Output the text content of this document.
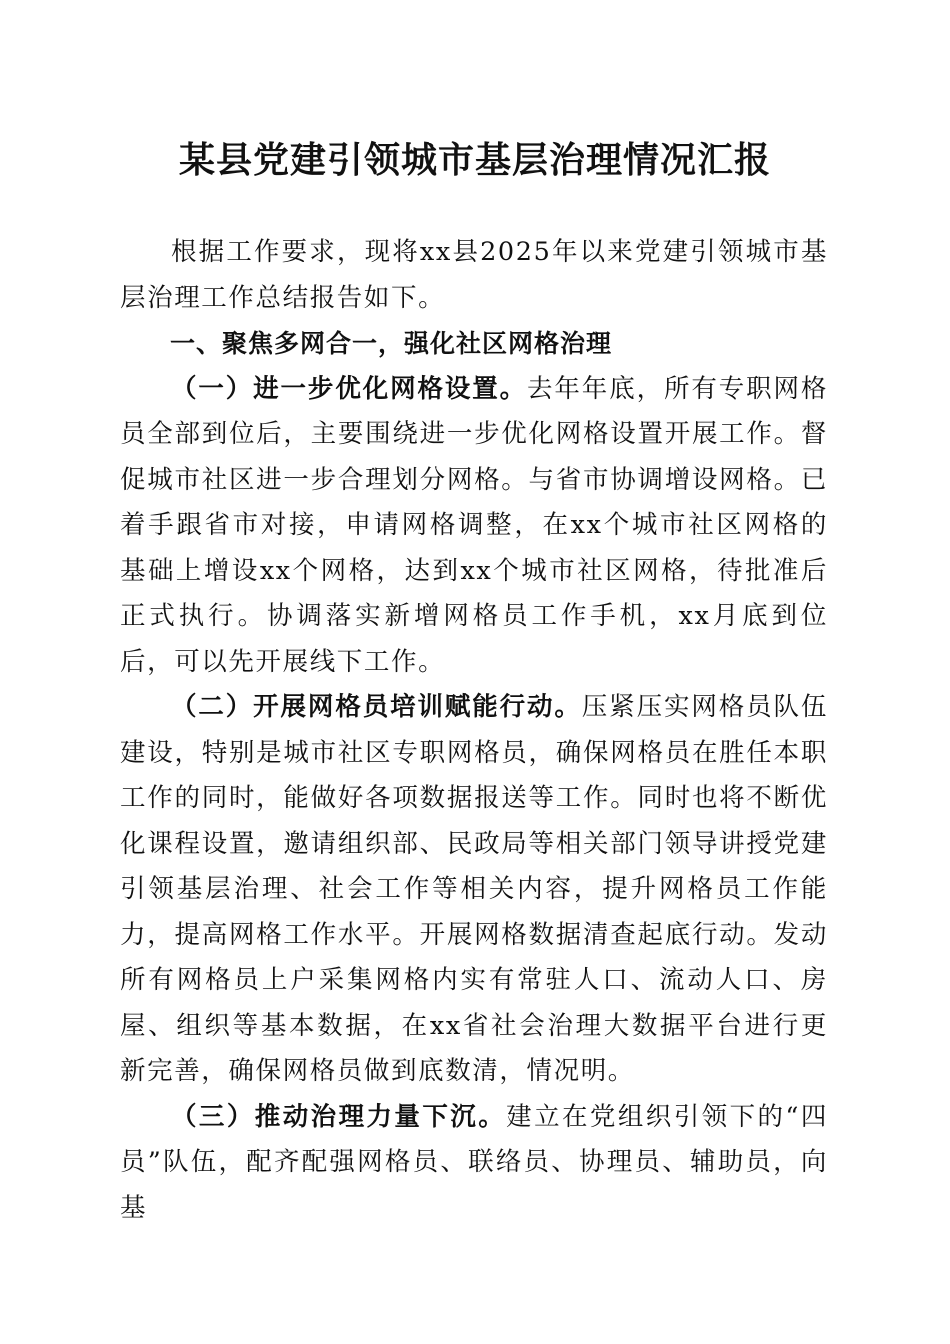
某县党建引领城市基层治理情况汇报

根据工作要求，现将xx县2025年以来党建引领城市基层治理工作总结报告如下。

一、聚焦多网合一，强化社区网格治理

（一）进一步优化网格设置。去年年底，所有专职网格员全部到位后，主要围绕进一步优化网格设置开展工作。督促城市社区进一步合理划分网格。与省市协调增设网格。已着手跟省市对接，申请网格调整，在xx个城市社区网格的基础上增设xx个网格，达到xx个城市社区网格，待批准后正式执行。协调落实新增网格员工作手机，xx月底到位后，可以先开展线下工作。

（二）开展网格员培训赋能行动。压紧压实网格员队伍建设，特别是城市社区专职网格员，确保网格员在胜任本职工作的同时，能做好各项数据报送等工作。同时也将不断优化课程设置，邀请组织部、民政局等相关部门领导讲授党建引领基层治理、社会工作等相关内容，提升网格员工作能力，提高网格工作水平。开展网格数据清查起底行动。发动所有网格员上户采集网格内实有常驻人口、流动人口、房屋、组织等基本数据，在xx省社会治理大数据平台进行更新完善，确保网格员做到底数清，情况明。

（三）推动治理力量下沉。建立在党组织引领下的“四员”队伍，配齐配强网格员、联络员、协理员、辅助员，向基
